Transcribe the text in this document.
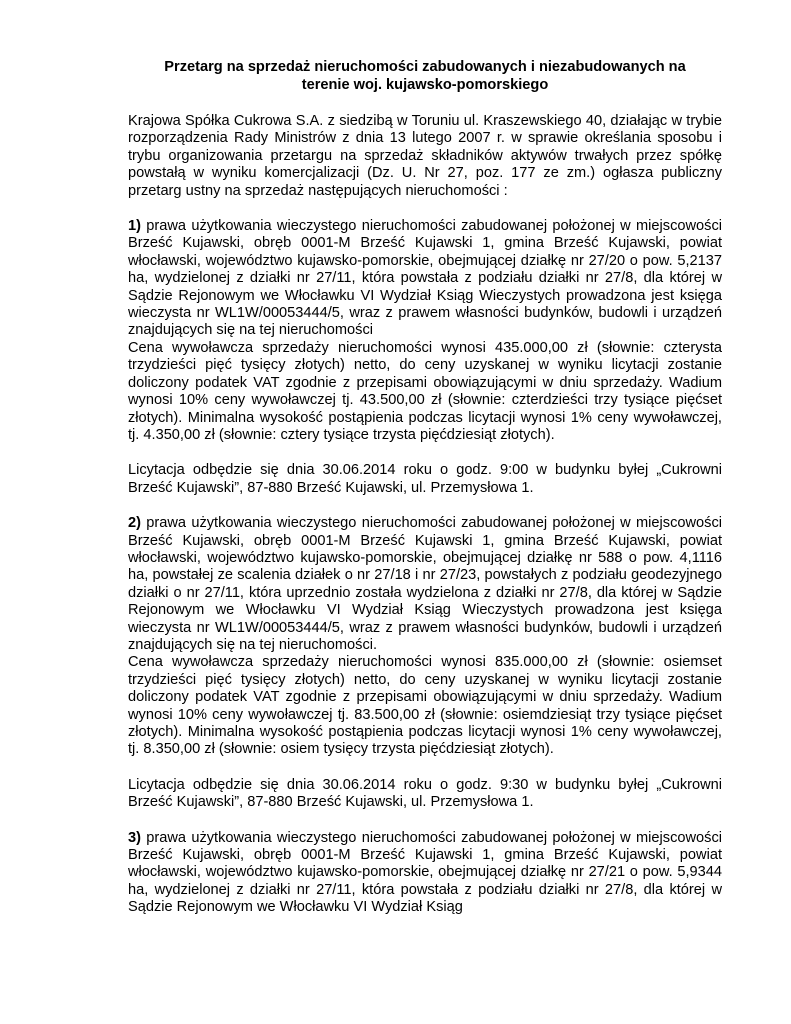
Przetarg na sprzedaż nieruchomości zabudowanych i niezabudowanych na
terenie woj. kujawsko-pomorskiego

Krajowa Spółka Cukrowa S.A. z siedzibą w Toruniu ul. Kraszewskiego 40, działając w trybie rozporządzenia Rady Ministrów z dnia 13 lutego 2007 r. w sprawie określania sposobu i trybu organizowania przetargu na sprzedaż składników aktywów trwałych przez spółkę powstałą w wyniku komercjalizacji (Dz. U. Nr 27, poz. 177 ze zm.) ogłasza publiczny przetarg ustny na sprzedaż następujących nieruchomości :

1) prawa użytkowania wieczystego nieruchomości zabudowanej położonej w miejscowości Brześć Kujawski, obręb 0001-M Brześć Kujawski 1, gmina Brześć Kujawski, powiat włocławski, województwo kujawsko-pomorskie, obejmującej działkę nr 27/20 o pow. 5,2137 ha, wydzielonej z działki nr 27/11, która powstała z podziału działki nr 27/8, dla której w Sądzie Rejonowym we Włocławku VI Wydział Ksiąg Wieczystych prowadzona jest księga wieczysta nr WL1W/00053444/5, wraz z prawem własności budynków, budowli i urządzeń znajdujących się na tej nieruchomości

Cena wywoławcza sprzedaży nieruchomości wynosi 435.000,00 zł (słownie: czterysta trzydzieści pięć tysięcy złotych) netto, do ceny uzyskanej w wyniku licytacji zostanie doliczony podatek VAT zgodnie z przepisami obowiązującymi w dniu sprzedaży. Wadium wynosi 10% ceny wywoławczej tj. 43.500,00 zł (słownie: czterdzieści trzy tysiące pięćset złotych). Minimalna wysokość postąpienia podczas licytacji wynosi 1% ceny wywoławczej, tj. 4.350,00 zł (słownie: cztery tysiące trzysta pięćdziesiąt złotych).

Licytacja odbędzie się dnia 30.06.2014 roku o godz. 9:00 w budynku byłej „Cukrowni Brześć Kujawski”, 87-880 Brześć Kujawski, ul. Przemysłowa 1.

2) prawa użytkowania wieczystego nieruchomości zabudowanej położonej w miejscowości Brześć Kujawski, obręb 0001-M Brześć Kujawski 1, gmina Brześć Kujawski, powiat włocławski, województwo kujawsko-pomorskie, obejmującej działkę nr 588 o pow. 4,1116 ha, powstałej ze scalenia działek o nr 27/18 i nr 27/23, powstałych z podziału geodezyjnego działki o nr 27/11, która uprzednio została wydzielona z działki nr 27/8, dla której w Sądzie Rejonowym we Włocławku VI Wydział Ksiąg Wieczystych prowadzona jest księga wieczysta nr WL1W/00053444/5, wraz z prawem własności budynków, budowli i urządzeń znajdujących się na tej nieruchomości.

Cena wywoławcza sprzedaży nieruchomości wynosi 835.000,00 zł (słownie: osiemset trzydzieści pięć tysięcy złotych) netto, do ceny uzyskanej w wyniku licytacji zostanie doliczony podatek VAT zgodnie z przepisami obowiązującymi w dniu sprzedaży. Wadium wynosi 10% ceny wywoławczej tj. 83.500,00 zł (słownie: osiemdziesiąt trzy tysiące pięćset złotych). Minimalna wysokość postąpienia podczas licytacji wynosi 1% ceny wywoławczej, tj. 8.350,00 zł (słownie: osiem tysięcy trzysta pięćdziesiąt złotych).

Licytacja odbędzie się dnia 30.06.2014 roku o godz. 9:30 w budynku byłej „Cukrowni Brześć Kujawski”, 87-880 Brześć Kujawski, ul. Przemysłowa 1.

3) prawa użytkowania wieczystego nieruchomości zabudowanej położonej w miejscowości Brześć Kujawski, obręb 0001-M Brześć Kujawski 1, gmina Brześć Kujawski, powiat włocławski, województwo kujawsko-pomorskie, obejmującej działkę nr 27/21 o pow. 5,9344 ha, wydzielonej z działki nr 27/11, która powstała z podziału działki nr 27/8, dla której w Sądzie Rejonowym we Włocławku VI Wydział Ksiąg
